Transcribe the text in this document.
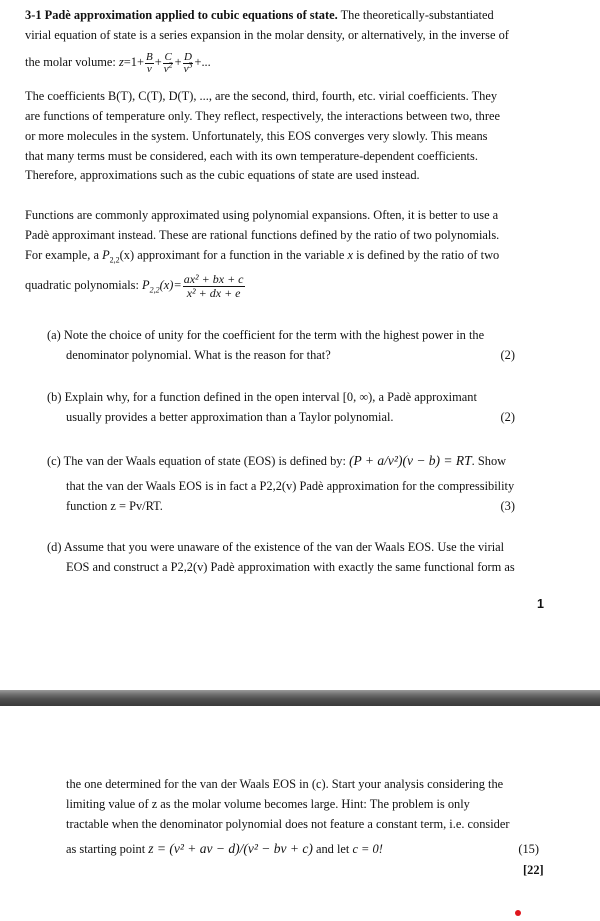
3-1 Padè approximation applied to cubic equations of state. The theoretically-substantiated
virial equation of state is a series expansion in the molar density, or alternatively, in the inverse of
the molar volume: $z=1+ \frac{B}{v} + \frac{C}{v^2} + \frac{D}{v^3}$ +...
The coefficients B(T), C(T), D(T), ..., are the second, third, fourth, etc. virial coefficients. They
are functions of temperature only. They reflect, respectively, the interactions between two, three
or more molecules in the system. Unfortunately, this EOS converges very slowly. This means
that many terms must be considered, each with its own temperature-dependent coefficients.
Therefore, approximations such as the cubic equations of state are used instead.
Functions are commonly approximated using polynomial expansions. Often, it is better to use a
Padè approximant instead. These are rational functions defined by the ratio of two polynomials.
For example, a $P_{2,2}(x)$ approximant for a function in the variable x is defined by the ratio of two
quadratic polynomials: $P_{2,2}(x)= \frac{\text{ax² + bx + c}}{\text{x² + dx + e}}$
(a) Note the choice of unity for the coefficient for the term with the highest power in the
denominator polynomial. What is the reason for that?	(2)
(b) Explain why, for a function defined in the open interval [0, ∞), a Padè approximant
usually provides a better approximation than a Taylor polynomial.	(2)
(c) The van der Waals equation of state (EOS) is defined by: (P + a/v²)(v − b) = RT. Show
that the van der Waals EOS is in fact a P2,2(v) Padè approximation for the compressibility
function z = Pv/RT.	(3)
(d) Assume that you were unaware of the existence of the van der Waals EOS. Use the virial
EOS and construct a P2,2(v) Padè approximation with exactly the same functional form as
1
the one determined for the van der Waals EOS in (c). Start your analysis considering the
limiting value of z as the molar volume becomes large. Hint: The problem is only
tractable when the denominator polynomial does not feature a constant term, i.e. consider
as starting point z = (v² + av − d)/(v² − bv + c) and let c = 0!	(15)
[22]
